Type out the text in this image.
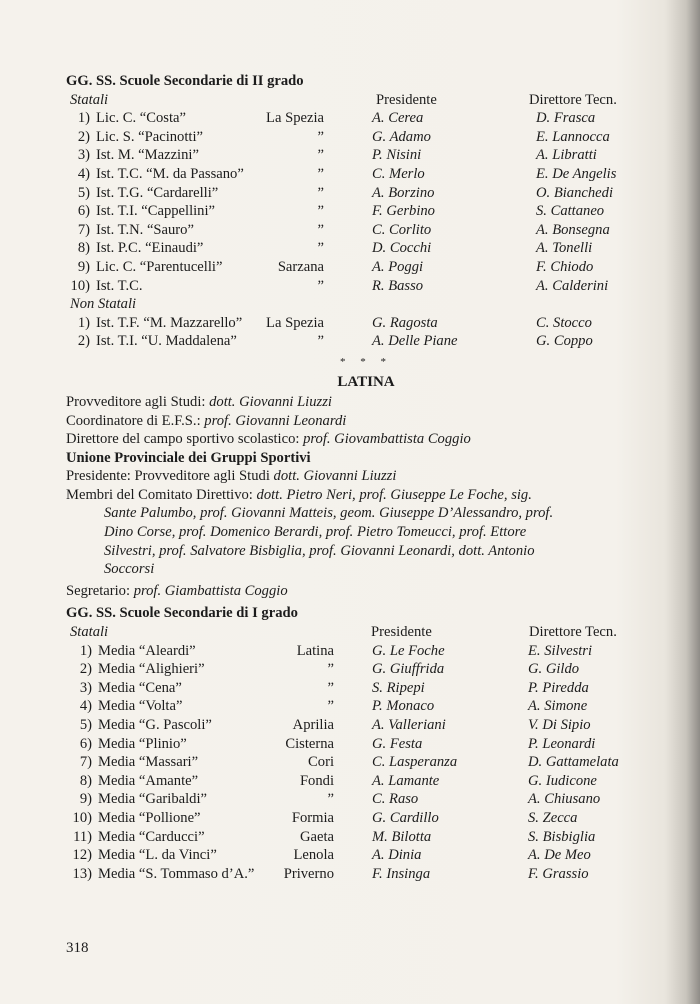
GG. SS. Scuole Secondarie di II grado
Statali	Presidente	Direttore Tecn.
1) Lic. C. “Costa”	La Spezia	A. Cerea	D. Frasca
2) Lic. S. “Pacinotti”	”	G. Adamo	E. Lannocca
3) Ist. M. “Mazzini”	”	P. Nisini	A. Libratti
4) Ist. T.C. “M. da Passano”	”	C. Merlo	E. De Angelis
5) Ist. T.G. “Cardarelli”	”	A. Borzino	O. Bianchedi
6) Ist. T.I. “Cappellini”	”	F. Gerbino	S. Cattaneo
7) Ist. T.N. “Sauro”	”	C. Corlito	A. Bonsegna
8) Ist. P.C. “Einaudi”	”	D. Cocchi	A. Tonelli
9) Lic. C. “Parentucelli”	Sarzana	A. Poggi	F. Chiodo
10) Ist. T.C.	”	R. Basso	A. Calderini
Non Statali
1) Ist. T.F. “M. Mazzarello” La Spezia	G. Ragosta	C. Stocco
2) Ist. T.I. “U. Maddalena”	”	A. Delle Piane	G. Coppo
* * *
LATINA
Provveditore agli Studi: dott. Giovanni Liuzzi
Coordinatore di E.F.S.: prof. Giovanni Leonardi
Direttore del campo sportivo scolastico: prof. Giovambattista Coggio
Unione Provinciale dei Gruppi Sportivi
Presidente: Provveditore agli Studi dott. Giovanni Liuzzi
Membri del Comitato Direttivo: dott. Pietro Neri, prof. Giuseppe Le Foche, sig.
Sante Palumbo, prof. Giovanni Matteis, geom. Giuseppe D’Alessandro, prof.
Dino Corse, prof. Domenico Berardi, prof. Pietro Tomeucci, prof. Ettore
Silvestri, prof. Salvatore Bisbiglia, prof. Giovanni Leonardi, dott. Antonio
Soccorsi
Segretario: prof. Giambattista Coggio
GG. SS. Scuole Secondarie di I grado
Statali	Presidente	Direttore Tecn.
1) Media “Aleardi”	Latina	G. Le Foche	E. Silvestri
2) Media “Alighieri”	”	G. Giuffrida	G. Gildo
3) Media “Cena”	”	S. Ripepi	P. Piredda
4) Media “Volta”	”	P. Monaco	A. Simone
5) Media “G. Pascoli”	Aprilia	A. Valleriani	V. Di Sipio
6) Media “Plinio”	Cisterna	G. Festa	P. Leonardi
7) Media “Massari”	Cori	C. Lasperanza	D. Gattamelata
8) Media “Amante”	Fondi	A. Lamante	G. Iudicone
9) Media “Garibaldi”	”	C. Raso	A. Chiusano
10) Media “Pollione”	Formia	G. Cardillo	S. Zecca
11) Media “Carducci”	Gaeta	M. Bilotta	S. Bisbiglia
12) Media “L. da Vinci”	Lenola	A. Dinia	A. De Meo
13) Media “S. Tommaso d’A.” Priverno	F. Insinga	F. Grassio
318
